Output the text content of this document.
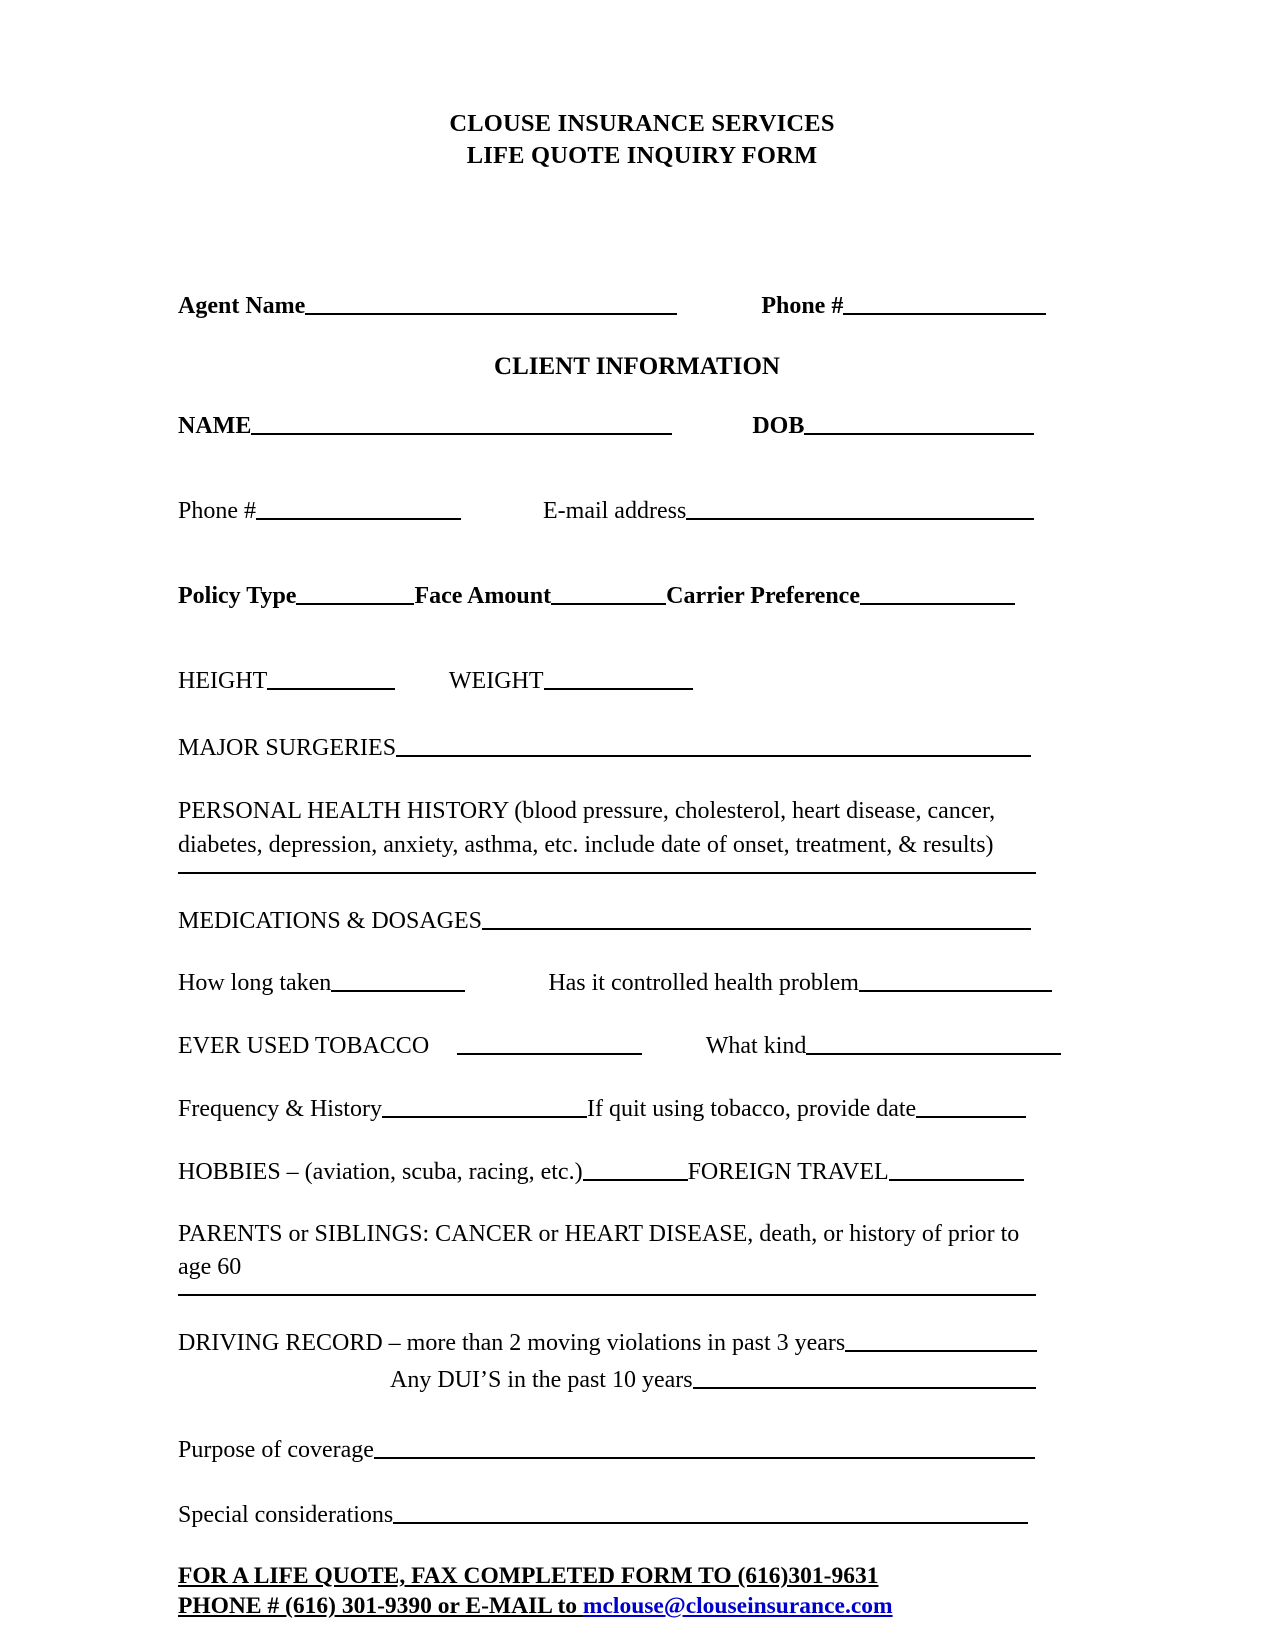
CLOUSE INSURANCE SERVICES
LIFE QUOTE INQUIRY FORM
Agent Name	Phone #
CLIENT INFORMATION
NAME	DOB
Phone #	E-mail address
Policy Type	Face Amount	Carrier Preference
HEIGHT	WEIGHT
MAJOR SURGERIES
PERSONAL HEALTH HISTORY (blood pressure, cholesterol, heart disease, cancer,
diabetes, depression, anxiety, asthma, etc. include date of onset, treatment, & results)
MEDICATIONS & DOSAGES
How long taken	Has it controlled health problem
EVER USED TOBACCO	What kind
Frequency & History	If quit using tobacco, provide date
HOBBIES – (aviation, scuba, racing, etc.)	FOREIGN TRAVEL
PARENTS or SIBLINGS: CANCER or HEART DISEASE, death, or history of prior to
age 60
DRIVING RECORD – more than 2 moving violations in past 3 years
Any DUI’S in the past 10 years
Purpose of coverage
Special considerations
FOR A LIFE QUOTE, FAX COMPLETED FORM TO (616)301-9631
PHONE # (616) 301-9390 or E-MAIL to mclouse@clouseinsurance.com
